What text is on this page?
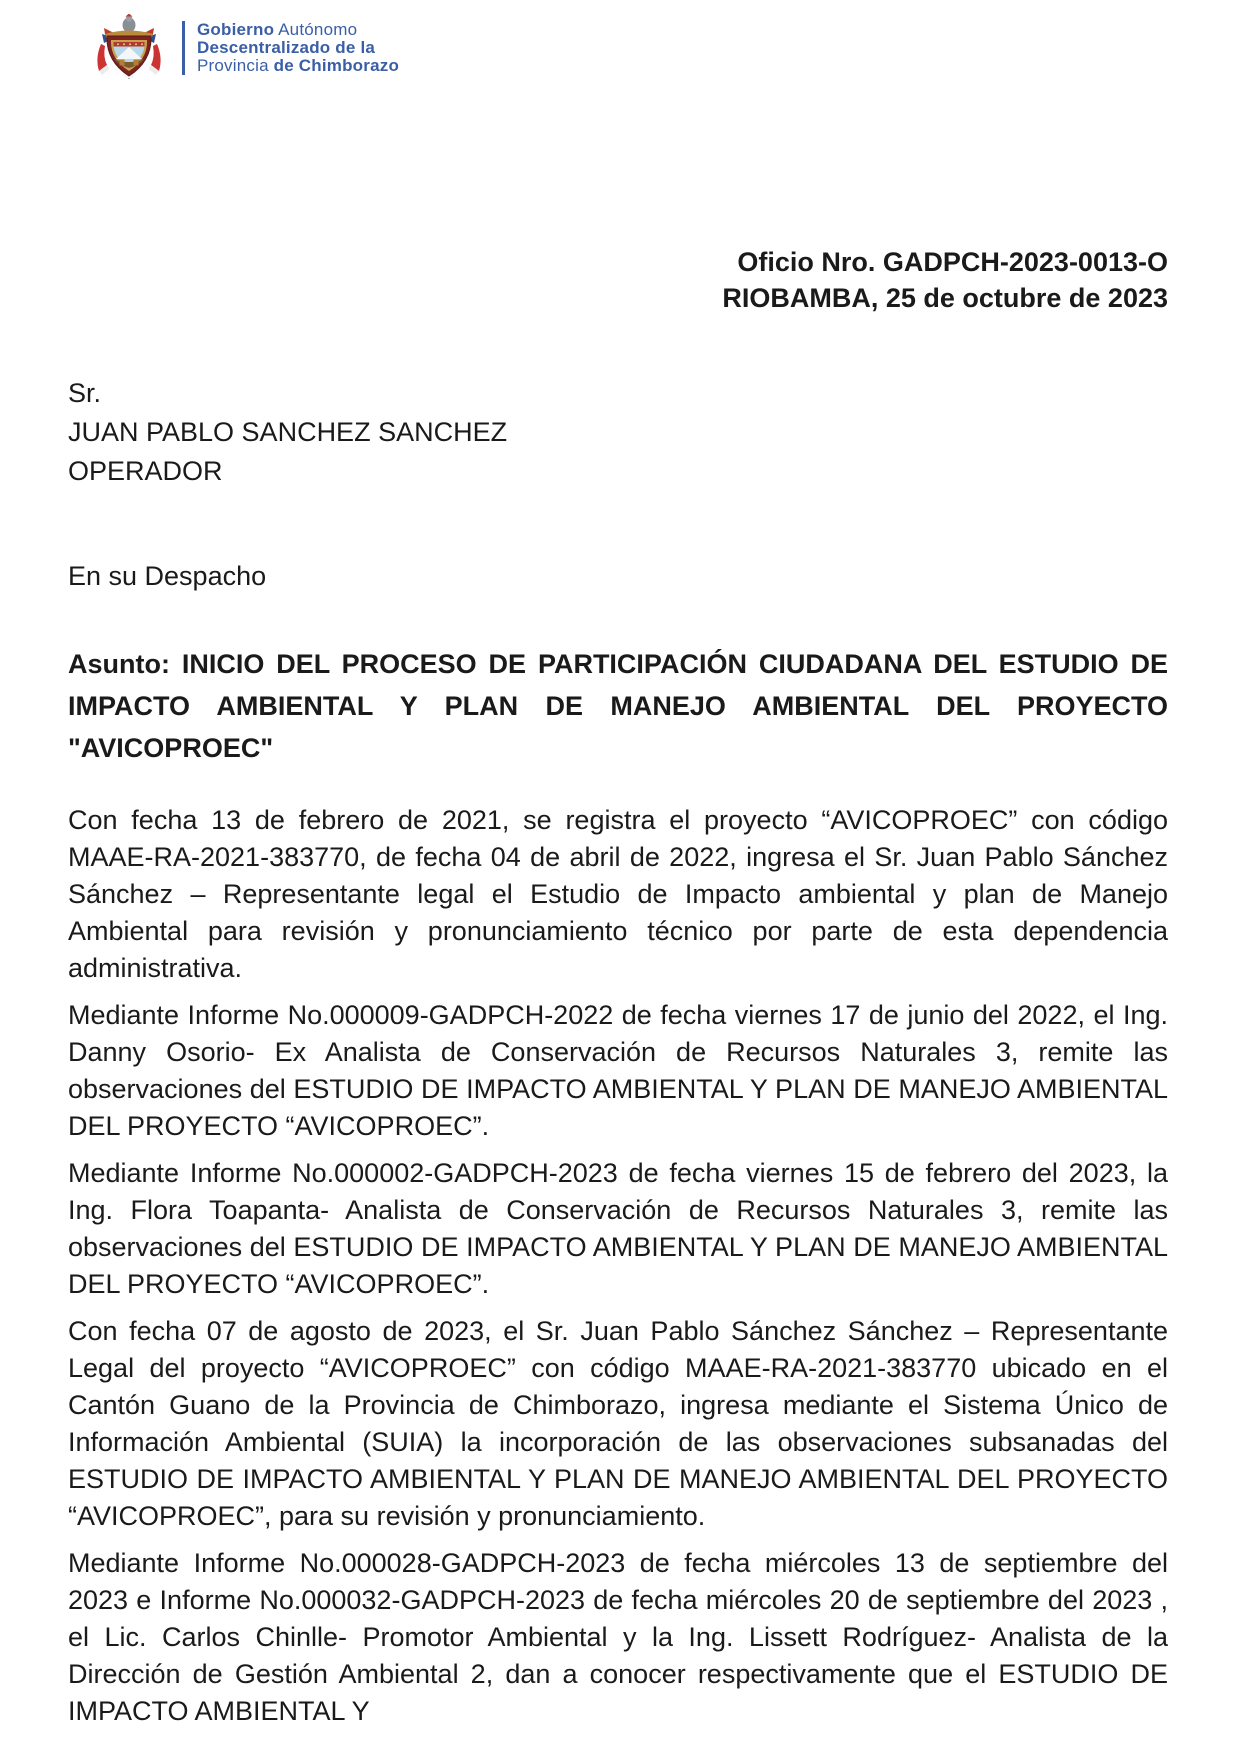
Gobierno Autónomo
Descentralizado de la
Provincia de Chimborazo
Oficio Nro. GADPCH-2023-0013-O
RIOBAMBA, 25 de octubre de 2023
Sr.
JUAN PABLO SANCHEZ SANCHEZ
OPERADOR
En su Despacho

Asunto: INICIO DEL PROCESO DE PARTICIPACIÓN CIUDADANA DEL ESTUDIO DE IMPACTO AMBIENTAL Y PLAN DE MANEJO AMBIENTAL DEL PROYECTO "AVICOPROEC"

Con fecha 13 de febrero de 2021, se registra el proyecto “AVICOPROEC” con código MAAE-RA-2021-383770, de fecha 04 de abril de 2022, ingresa el Sr. Juan Pablo Sánchez Sánchez – Representante legal el Estudio de Impacto ambiental y plan de Manejo Ambiental para revisión y pronunciamiento técnico por parte de esta dependencia administrativa.

Mediante Informe No.000009-GADPCH-2022 de fecha viernes 17 de junio del 2022, el Ing. Danny Osorio- Ex Analista de Conservación de Recursos Naturales 3, remite las observaciones del ESTUDIO DE IMPACTO AMBIENTAL Y PLAN DE MANEJO AMBIENTAL DEL PROYECTO “AVICOPROEC”.

Mediante Informe No.000002-GADPCH-2023 de fecha viernes 15 de febrero del 2023, la Ing. Flora Toapanta- Analista de Conservación de Recursos Naturales 3, remite las observaciones del ESTUDIO DE IMPACTO AMBIENTAL Y PLAN DE MANEJO AMBIENTAL DEL PROYECTO “AVICOPROEC”.

Con fecha 07 de agosto de 2023, el Sr. Juan Pablo Sánchez Sánchez – Representante Legal del proyecto “AVICOPROEC” con código MAAE-RA-2021-383770 ubicado en el Cantón Guano de la Provincia de Chimborazo, ingresa mediante el Sistema Único de Información Ambiental (SUIA) la incorporación de las observaciones subsanadas del ESTUDIO DE IMPACTO AMBIENTAL Y PLAN DE MANEJO AMBIENTAL DEL PROYECTO “AVICOPROEC”, para su revisión y pronunciamiento.

Mediante Informe No.000028-GADPCH-2023 de fecha miércoles 13 de septiembre del 2023 e Informe No.000032-GADPCH-2023 de fecha miércoles 20 de septiembre del 2023 , el Lic. Carlos Chinlle- Promotor Ambiental y la Ing. Lissett Rodríguez- Analista de la Dirección de Gestión Ambiental 2, dan a conocer respectivamente que el ESTUDIO DE IMPACTO AMBIENTAL Y
